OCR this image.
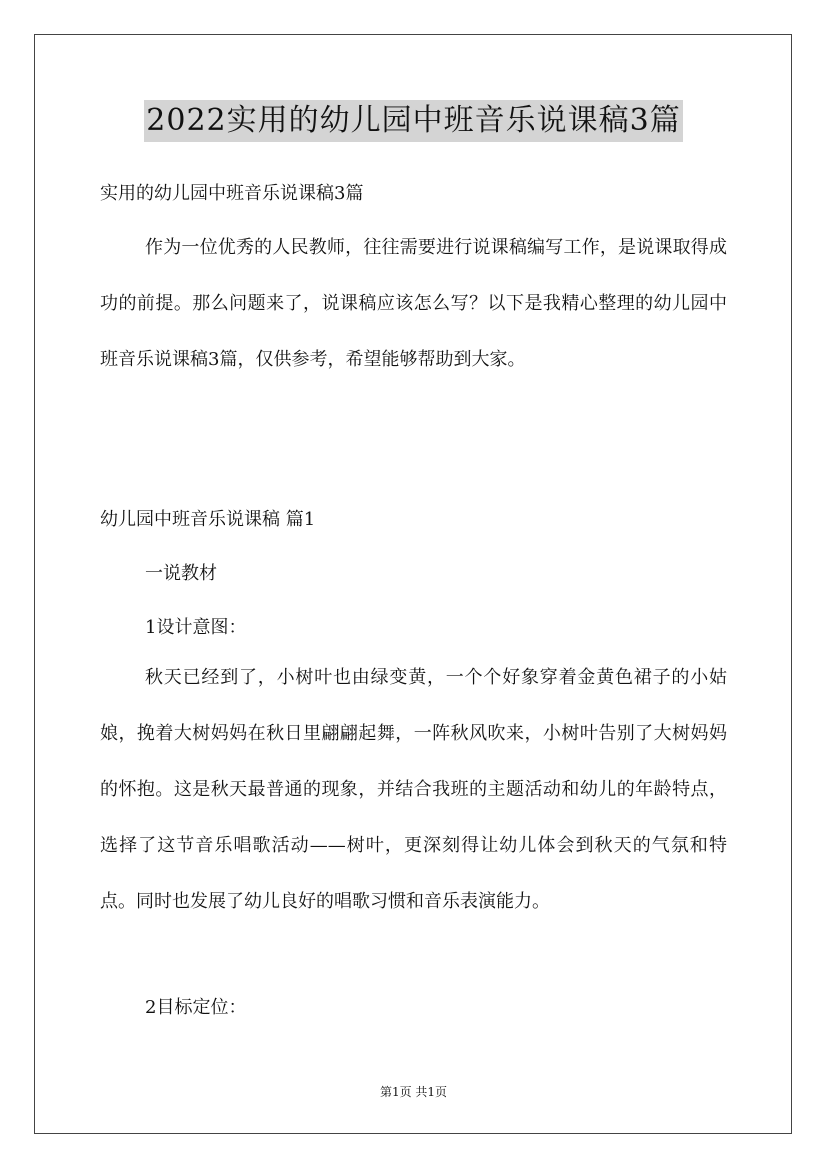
2022实用的幼儿园中班音乐说课稿3篇
实用的幼儿园中班音乐说课稿3篇
作为一位优秀的人民教师，往往需要进行说课稿编写工作，是说课取得成功的前提。那么问题来了，说课稿应该怎么写？以下是我精心整理的幼儿园中班音乐说课稿3篇，仅供参考，希望能够帮助到大家。
幼儿园中班音乐说课稿 篇1
一说教材
1设计意图：
秋天已经到了，小树叶也由绿变黄，一个个好象穿着金黄色裙子的小姑娘，挽着大树妈妈在秋日里翩翩起舞，一阵秋风吹来，小树叶告别了大树妈妈的怀抱。这是秋天最普通的现象，并结合我班的主题活动和幼儿的年龄特点，选择了这节音乐唱歌活动——树叶，更深刻得让幼儿体会到秋天的气氛和特点。同时也发展了幼儿良好的唱歌习惯和音乐表演能力。
2目标定位：
第1页 共1页
